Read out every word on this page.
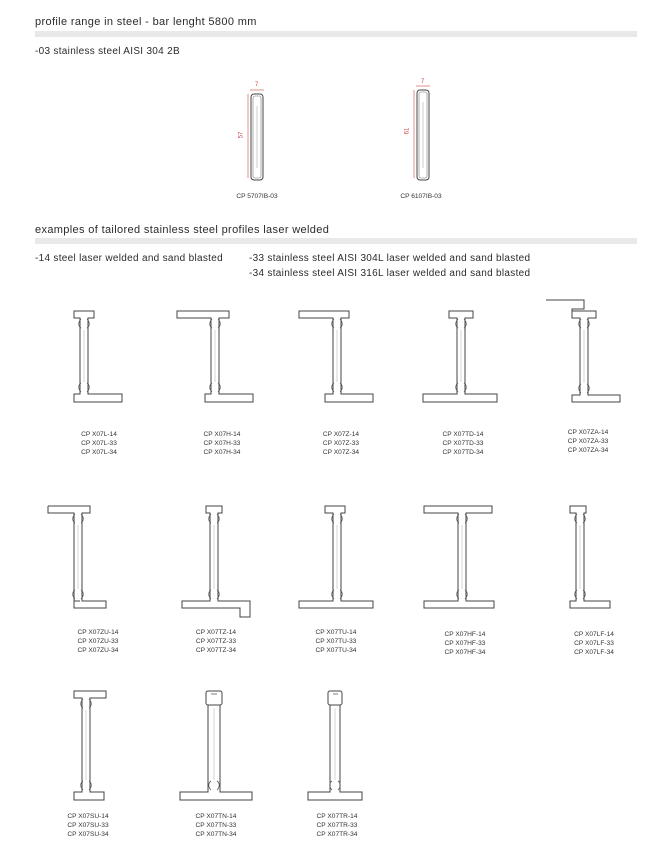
profile range in steel - bar lenght 5800 mm
-03 stainless steel AISI 304 2B
7
57
CP 5707IB-03
7
61
CP 6107IB-03
examples of tailored stainless steel profiles laser welded
-14 steel laser welded and sand blasted	-33 stainless steel AISI 304L laser welded and sand blasted
-34 stainless steel AISI 316L laser welded and sand blasted
CP X07L-14
CP X07L-33
CP X07L-34
CP X07H-14
CP X07H-33
CP X07H-34
CP X07Z-14
CP X07Z-33
CP X07Z-34
CP X07TD-14
CP X07TD-33
CP X07TD-34
CP X07ZA-14
CP X07ZA-33
CP X07ZA-34
CP X07ZU-14
CP X07ZU-33
CP X07ZU-34
CP X07TZ-14
CP X07TZ-33
CP X07TZ-34
CP X07TU-14
CP X07TU-33
CP X07TU-34
CP X07HF-14
CP X07HF-33
CP X07HF-34
CP X07LF-14
CP X07LF-33
CP X07LF-34
CP X07SU-14
CP X07SU-33
CP X07SU-34
CP X07TN-14
CP X07TN-33
CP X07TN-34
CP X07TR-14
CP X07TR-33
CP X07TR-34
